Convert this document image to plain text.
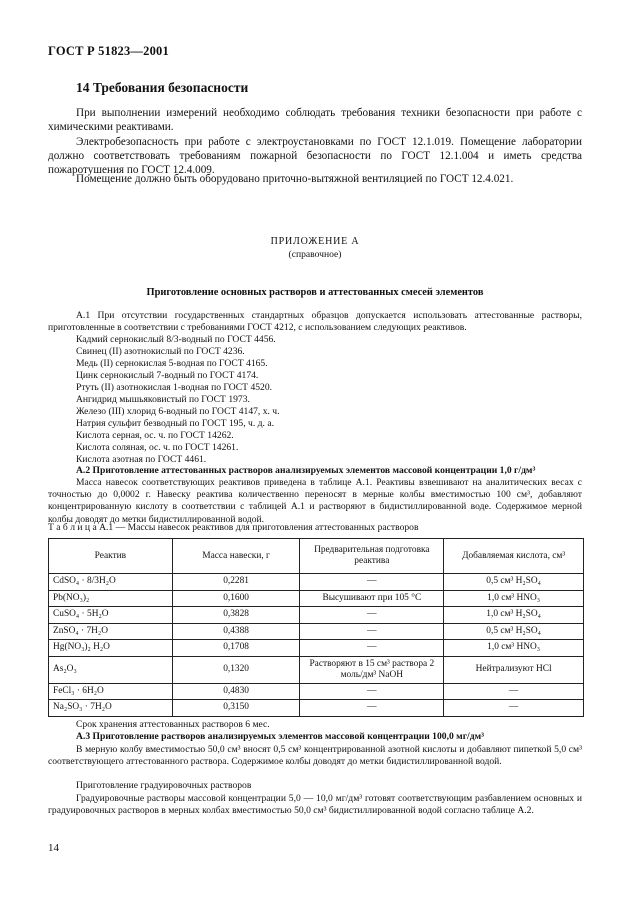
ГОСТ Р 51823—2001
14 Требования безопасности
При выполнении измерений необходимо соблюдать требования техники безопасности при работе с химическими реактивами.
Электробезопасность при работе с электроустановками по ГОСТ 12.1.019. Помещение лаборатории должно соответствовать требованиям пожарной безопасности по ГОСТ 12.1.004 и иметь средства пожаротушения по ГОСТ 12.4.009.
Помещение должно быть оборудовано приточно-вытяжной вентиляцией по ГОСТ 12.4.021.
ПРИЛОЖЕНИЕ А
(справочное)
Приготовление основных растворов и аттестованных смесей элементов
А.1 При отсутствии государственных стандартных образцов допускается использовать аттестованные растворы, приготовленные в соответствии с требованиями ГОСТ 4212, с использованием следующих реактивов.
Кадмий сернокислый 8/3-водный по ГОСТ 4456.
Свинец (II) азотнокислый по ГОСТ 4236.
Медь (II) сернокислая 5-водная по ГОСТ 4165.
Цинк сернокислый 7-водный по ГОСТ 4174.
Ртуть (II) азотнокислая 1-водная по ГОСТ 4520.
Ангидрид мышьяковистый по ГОСТ 1973.
Железо (III) хлорид 6-водный по ГОСТ 4147, х. ч.
Натрия сульфит безводный по ГОСТ 195, ч. д. а.
Кислота серная, ос. ч. по ГОСТ 14262.
Кислота соляная, ос. ч. по ГОСТ 14261.
Кислота азотная по ГОСТ 4461.
А.2 Приготовление аттестованных растворов анализируемых элементов массовой концентрации 1,0 г/дм³
Масса навесок соответствующих реактивов приведена в таблице А.1. Реактивы взвешивают на аналитических весах с точностью до 0,0002 г. Навеску реактива количественно переносят в мерные колбы вместимостью 100 см³, добавляют концентрированную кислоту в соответствии с таблицей А.1 и растворяют в бидистиллированной воде. Содержимое мерной колбы доводят до метки бидистиллированной водой.
Т а б л и ц а А.1 — Массы навесок реактивов для приготовления аттестованных растворов
Реактив	Масса навески, г	Предварительная подготовка реактива	Добавляемая кислота, см³
CdSO₄ · 8/3H₂O	0,2281	—	0,5 см³ H₂SO₄
Pb(NO₃)₂	0,1600	Высушивают при 105 °С	1,0 см³ HNO₃
CuSO₄ · 5H₂O	0,3828	—	1,0 см³ H₂SO₄
ZnSO₄ · 7H₂O	0,4388	—	0,5 см³ H₂SO₄
Hg(NO₃)₂ H₂O	0,1708	—	1,0 см³ HNO₃
As₂O₃	0,1320	Растворяют в 15 см³ раствора 2 моль/дм³ NaOH	Нейтрализуют HCl
FeCl₃ · 6H₂O	0,4830	—	—
Na₂SO₃ · 7H₂O	0,3150	—	—
Срок хранения аттестованных растворов 6 мес.
А.3 Приготовление растворов анализируемых элементов массовой концентрации 100,0 мг/дм³
В мерную колбу вместимостью 50,0 см³ вносят 0,5 см³ концентрированной азотной кислоты и добавляют пипеткой 5,0 см³ соответствующего аттестованного раствора. Содержимое колбы доводят до метки бидистиллированной водой.
Приготовление градуировочных растворов
Градуировочные растворы массовой концентрации 5,0 — 10,0 мг/дм³ готовят соответствующим разбавлением основных и градуировочных растворов в мерных колбах вместимостью 50,0 см³ бидистиллированной водой согласно таблице А.2.
14
